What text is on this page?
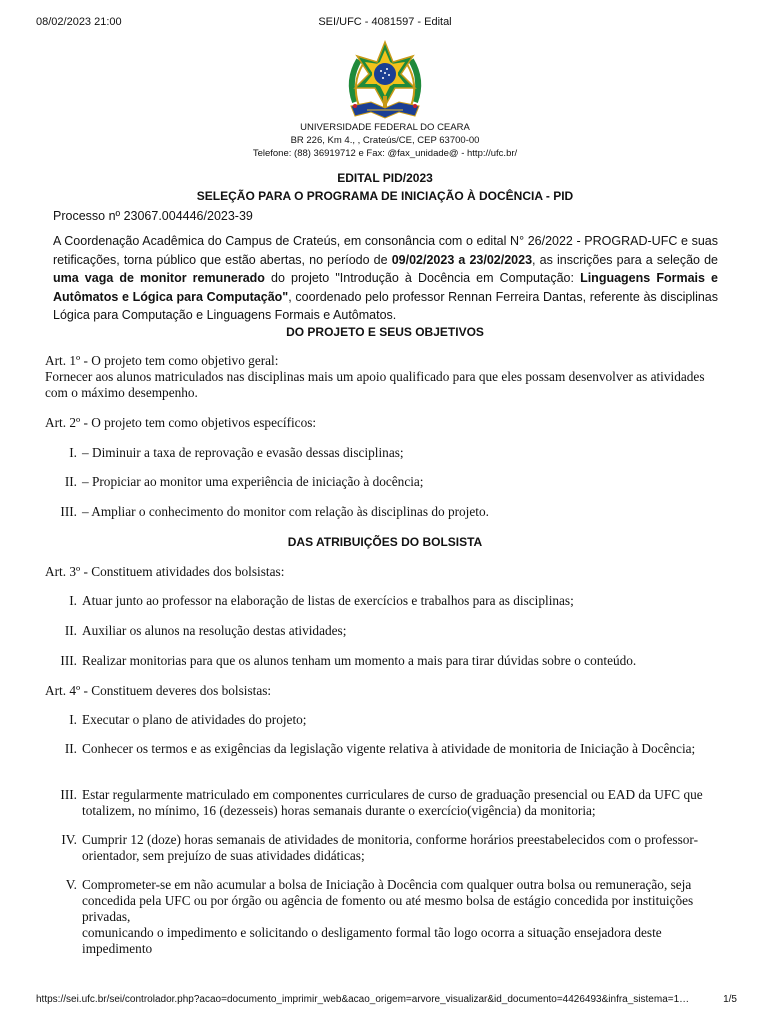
08/02/2023 21:00	SEI/UFC - 4081597 - Edital
UNIVERSIDADE FEDERAL DO CEARA
BR 226, Km 4., , Crateús/CE, CEP 63700-00
Telefone: (88) 36919712 e Fax: @fax_unidade@ - http://ufc.br/
EDITAL PID/2023
SELEÇÃO PARA O PROGRAMA DE INICIAÇÃO À DOCÊNCIA - PID
Processo nº 23067.004446/2023-39
A Coordenação Acadêmica do Campus de Crateús, em consonância com o edital N° 26/2022 - PROGRAD-UFC e suas retificações, torna público que estão abertas, no período de 09/02/2023 a 23/02/2023, as inscrições para a seleção de uma vaga de monitor remunerado do projeto "Introdução à Docência em Computação: Linguagens Formais e Autômatos e Lógica para Computação", coordenado pelo professor Rennan Ferreira Dantas, referente às disciplinas Lógica para Computação e Linguagens Formais e Autômatos.
DO PROJETO E SEUS OBJETIVOS
Art. 1º - O projeto tem como objetivo geral:
Fornecer aos alunos matriculados nas disciplinas mais um apoio qualificado para que eles possam desenvolver as atividades com o máximo desempenho.
Art. 2º - O projeto tem como objetivos específicos:
I. – Diminuir a taxa de reprovação e evasão dessas disciplinas;
II. – Propiciar ao monitor uma experiência de iniciação à docência;
III. – Ampliar o conhecimento do monitor com relação às disciplinas do projeto.
DAS ATRIBUIÇÕES DO BOLSISTA
Art. 3º - Constituem atividades dos bolsistas:
I. Atuar junto ao professor na elaboração de listas de exercícios e trabalhos para as disciplinas;
II. Auxiliar os alunos na resolução destas atividades;
III. Realizar monitorias para que os alunos tenham um momento a mais para tirar dúvidas sobre o conteúdo.
Art. 4º - Constituem deveres dos bolsistas:
I. Executar o plano de atividades do projeto;
II. Conhecer os termos e as exigências da legislação vigente relativa à atividade de monitoria de Iniciação à Docência;
III. Estar regularmente matriculado em componentes curriculares de curso de graduação presencial ou EAD da UFC que totalizem, no mínimo, 16 (dezesseis) horas semanais durante o exercício(vigência) da monitoria;
IV. Cumprir 12 (doze) horas semanais de atividades de monitoria, conforme horários preestabelecidos com o professor-orientador, sem prejuízo de suas atividades didáticas;
V. Comprometer-se em não acumular a bolsa de Iniciação à Docência com qualquer outra bolsa ou remuneração, seja concedida pela UFC ou por órgão ou agência de fomento ou até mesmo bolsa de estágio concedida por instituições privadas,
comunicando o impedimento e solicitando o desligamento formal tão logo ocorra a situação ensejadora deste impedimento
https://sei.ufc.br/sei/controlador.php?acao=documento_imprimir_web&acao_origem=arvore_visualizar&id_documento=4426493&infra_sistema=1…	1/5
